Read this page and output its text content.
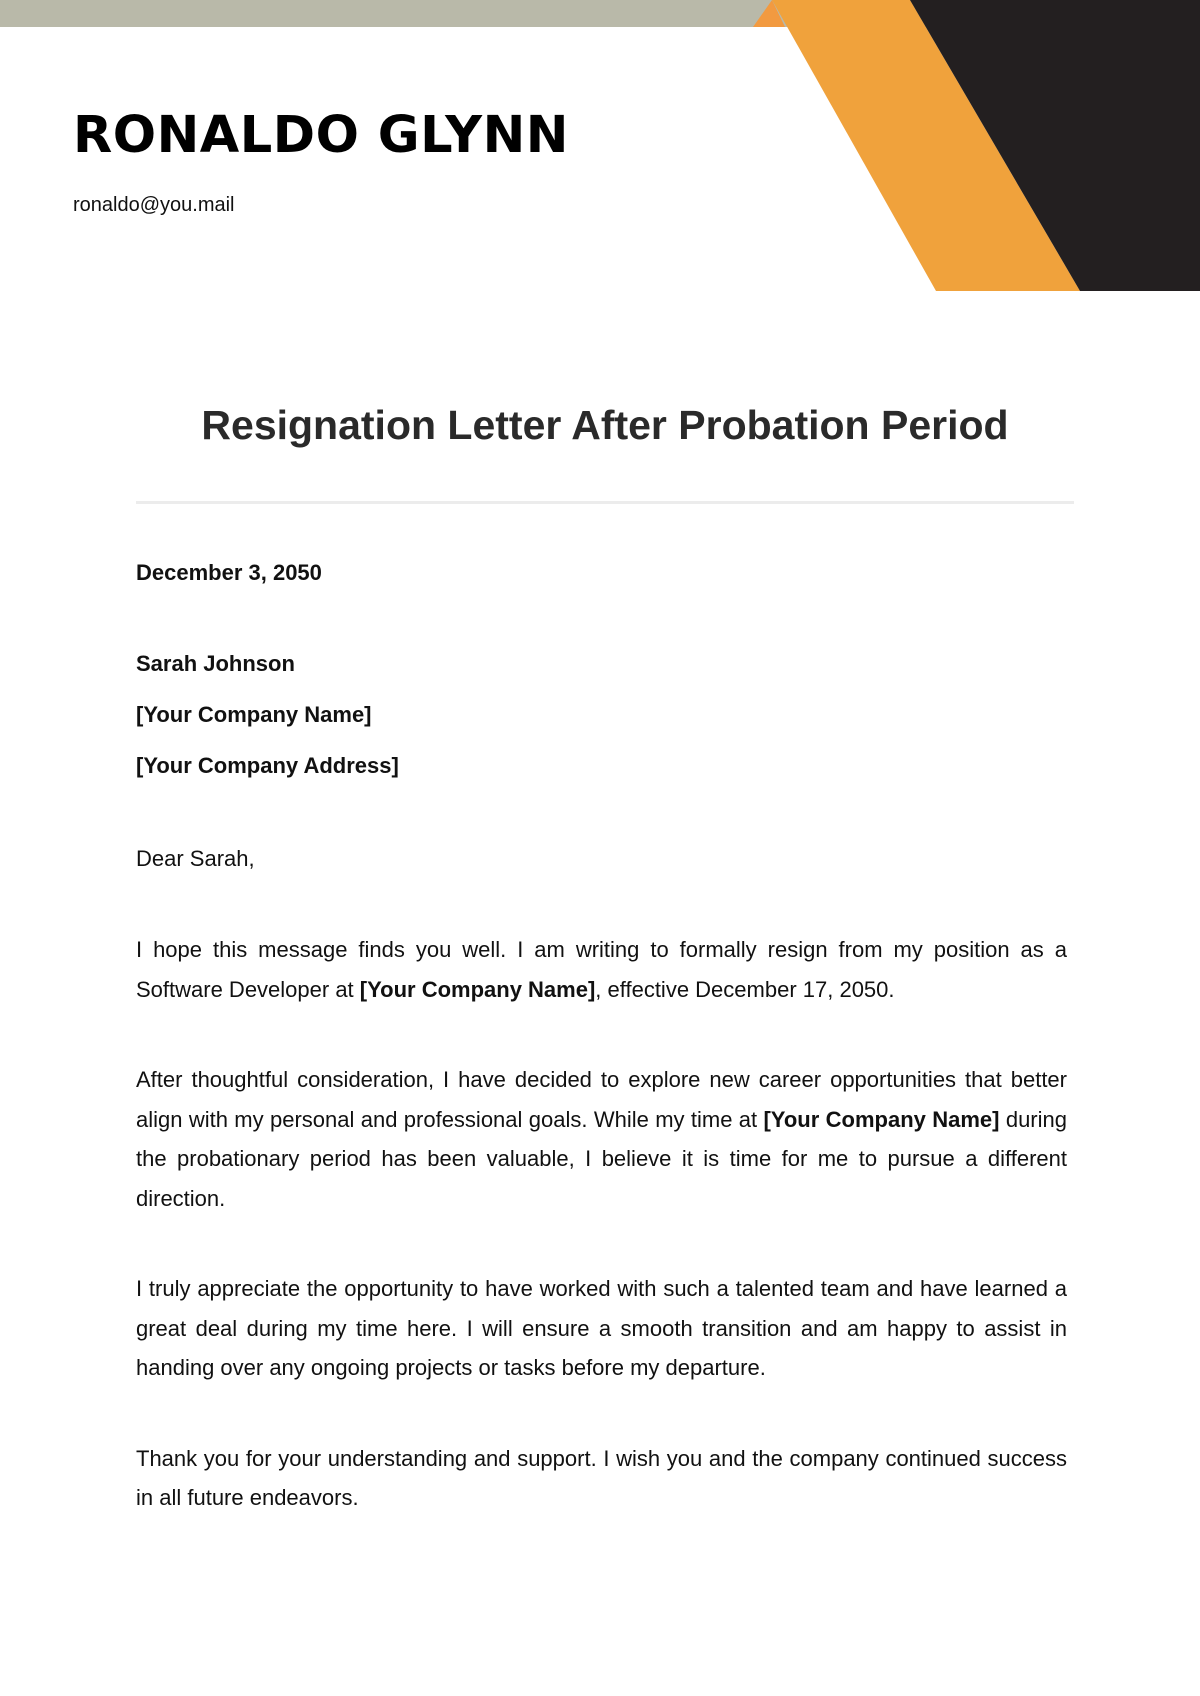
RONALDO GLYNN
ronaldo@you.mail
Resignation Letter After Probation Period
December 3, 2050
Sarah Johnson
[Your Company Name]
[Your Company Address]
Dear Sarah,

I hope this message finds you well. I am writing to formally resign from my position as a Software Developer at [Your Company Name], effective December 17, 2050.

After thoughtful consideration, I have decided to explore new career opportunities that better align with my personal and professional goals. While my time at [Your Company Name] during the probationary period has been valuable, I believe it is time for me to pursue a different direction.

I truly appreciate the opportunity to have worked with such a talented team and have learned a great deal during my time here. I will ensure a smooth transition and am happy to assist in handing over any ongoing projects or tasks before my departure.

Thank you for your understanding and support. I wish you and the company continued success in all future endeavors.
